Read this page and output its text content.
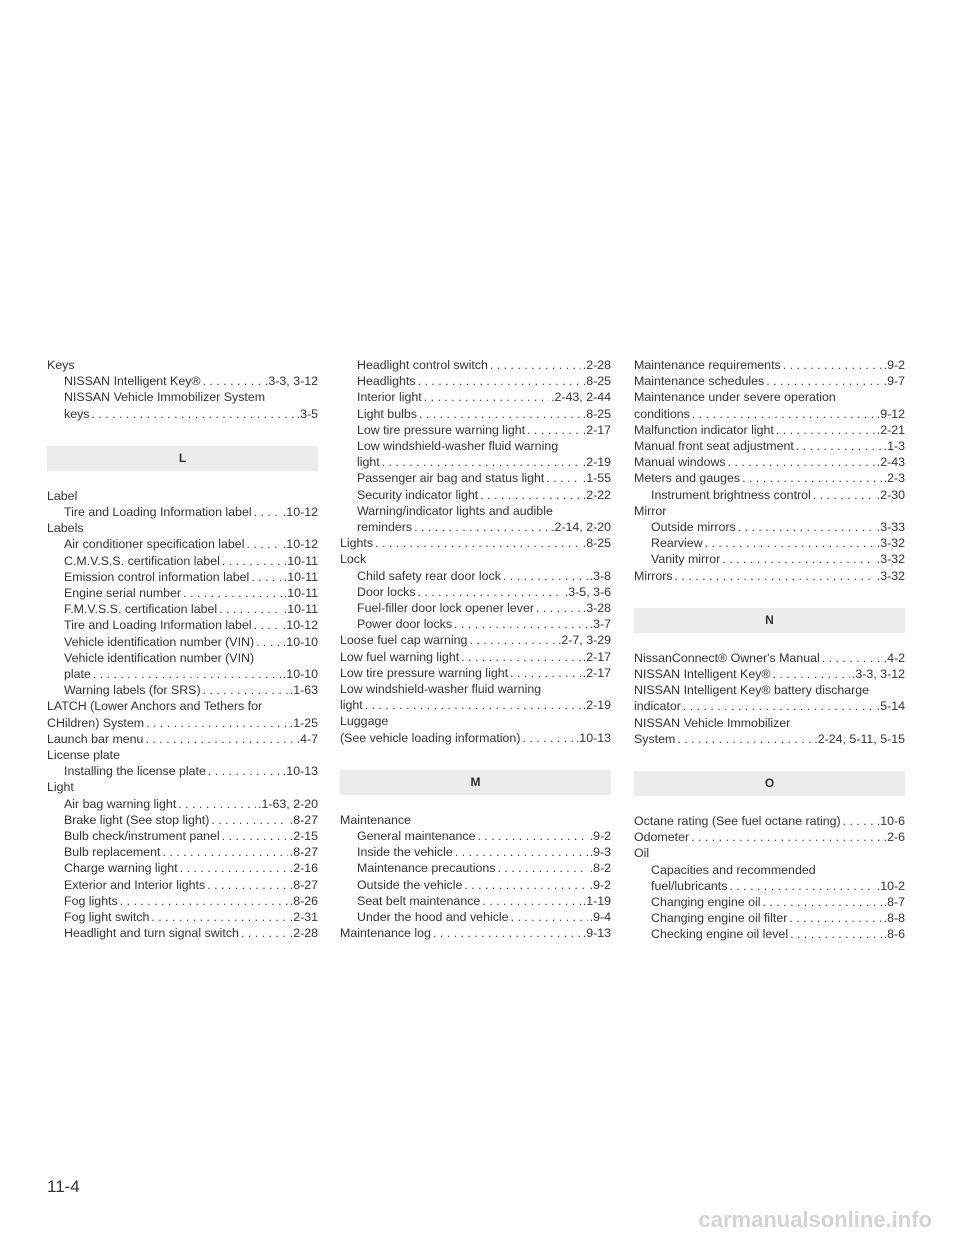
Keys
NISSAN Intelligent Key® . . .	.3-3, 3-12
NISSAN Vehicle Immobilizer System
keys . . .	.3-5
L
Label
Tire and Loading Information label . . .	.10-12
Labels
Air conditioner specification label . . .	.10-12
C.M.V.S.S. certification label . . .	.10-11
Emission control information label . . .	.10-11
Engine serial number . . .	.10-11
F.M.V.S.S. certification label . . .	.10-11
Tire and Loading Information label . . .	.10-12
Vehicle identification number (VIN) . . . .10-10
Vehicle identification number (VIN)
plate . . .	.10-10
Warning labels (for SRS) . . .	.1-63
LATCH (Lower Anchors and Tethers for
CHildren) System . . .	.1-25
Launch bar menu . . .	.4-7
License plate
Installing the license plate . . .	.10-13
Light
Air bag warning light . . .	.1-63, 2-20
Brake light (See stop light) . . .	.8-27
Bulb check/instrument panel . . .	.2-15
Bulb replacement . . .	.8-27
Charge warning light . . .	.2-16
Exterior and Interior lights . . .	.8-27
Fog lights . . .	.8-26
Fog light switch . . .	.2-31
Headlight and turn signal switch . . .	.2-28
Headlight control switch . . .	.2-28
Headlights . . .	.8-25
Interior light . . .	.2-43, 2-44
Light bulbs . . .	.8-25
Low tire pressure warning light . . .	.2-17
Low windshield-washer fluid warning
light . . .	.2-19
Passenger air bag and status light . . .	.1-55
Security indicator light . . .	.2-22
Warning/indicator lights and audible
reminders . . .	.2-14, 2-20
Lights . . .	.8-25
Lock
Child safety rear door lock . . .	.3-8
Door locks . . .	.3-5, 3-6
Fuel-filler door lock opener lever . . .	.3-28
Power door locks . . .	.3-7
Loose fuel cap warning . . .	.2-7, 3-29
Low fuel warning light . . .	.2-17
Low tire pressure warning light . . .	.2-17
Low windshield-washer fluid warning
light . . .	.2-19
Luggage
(See vehicle loading information) . . .	.10-13
M
Maintenance
General maintenance . . .	.9-2
Inside the vehicle . . .	.9-3
Maintenance precautions . . .	.8-2
Outside the vehicle . . .	.9-2
Seat belt maintenance . . .	.1-19
Under the hood and vehicle . . .	.9-4
Maintenance log . . .	.9-13
Maintenance requirements . . .	.9-2
Maintenance schedules . . .	.9-7
Maintenance under severe operation
conditions . . .	.9-12
Malfunction indicator light . . .	.2-21
Manual front seat adjustment . . .	.1-3
Manual windows . . .	.2-43
Meters and gauges . . .	.2-3
Instrument brightness control . . .	.2-30
Mirror
Outside mirrors . . .	.3-33
Rearview . . .	.3-32
Vanity mirror . . .	.3-32
Mirrors . . .	.3-32
N
NissanConnect® Owner's Manual . . .	.4-2
NISSAN Intelligent Key® . . .	.3-3, 3-12
NISSAN Intelligent Key® battery discharge
indicator . . .	.5-14
NISSAN Vehicle Immobilizer
System . . .	.2-24, 5-11, 5-15
O
Octane rating (See fuel octane rating) . . .	.10-6
Odometer . . .	.2-6
Oil
Capacities and recommended
fuel/lubricants . . .	.10-2
Changing engine oil . . .	.8-7
Changing engine oil filter . . .	.8-8
Checking engine oil level . . .	.8-6
11-4
carmanualsonline.info
